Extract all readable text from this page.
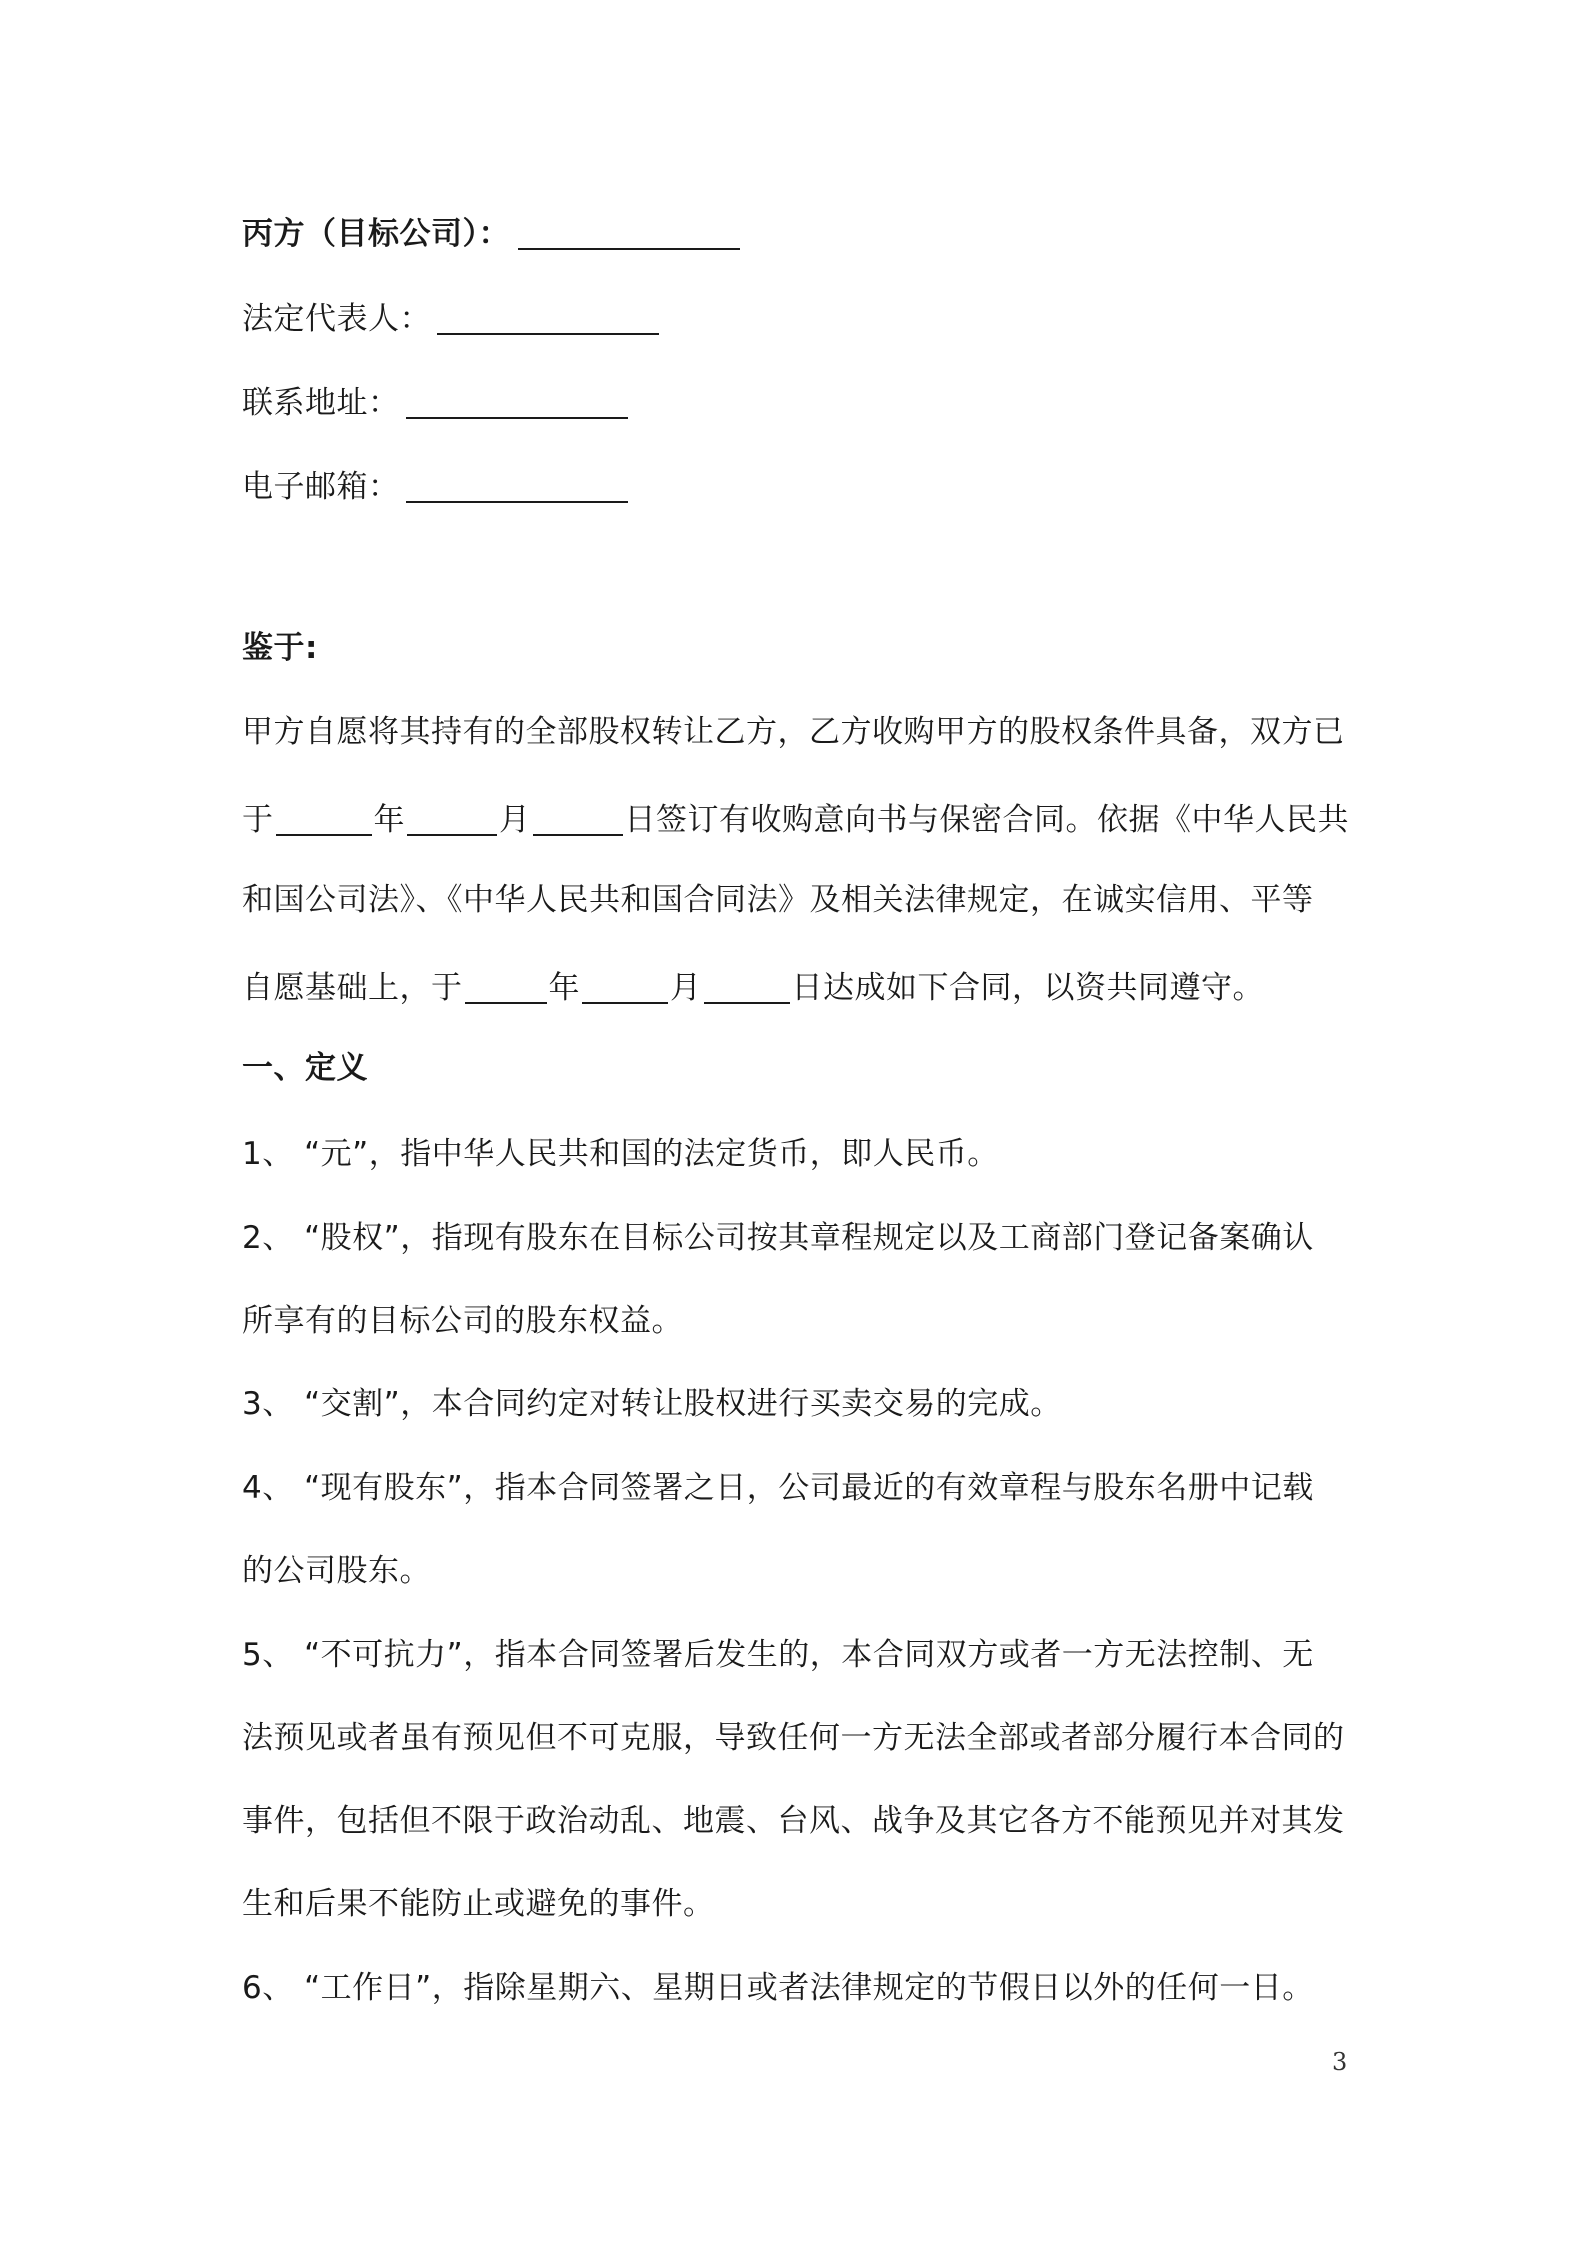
丙方（目标公司）：
法定代表人：
联系地址：
电子邮箱：
鉴于:
甲方自愿将其持有的全部股权转让乙方，乙方收购甲方的股权条件具备，双方已
于	年	月	日签订有收购意向书与保密合同。依据《中华人民共
和国公司法》、《中华人民共和国合同法》及相关法律规定，在诚实信用、平等
自愿基础上，于	年	月	日达成如下合同，以资共同遵守。
一、定义
1、 “元”，指中华人民共和国的法定货币，即人民币。
2、 “股权”，指现有股东在目标公司按其章程规定以及工商部门登记备案确认
所享有的目标公司的股东权益。
3、 “交割”，本合同约定对转让股权进行买卖交易的完成。
4、 “现有股东”，指本合同签署之日，公司最近的有效章程与股东名册中记载
的公司股东。
5、 “不可抗力”，指本合同签署后发生的，本合同双方或者一方无法控制、无
法预见或者虽有预见但不可克服，导致任何一方无法全部或者部分履行本合同的
事件，包括但不限于政治动乱、地震、台风、战争及其它各方不能预见并对其发
生和后果不能防止或避免的事件。
6、 “工作日”，指除星期六、星期日或者法律规定的节假日以外的任何一日。
3
